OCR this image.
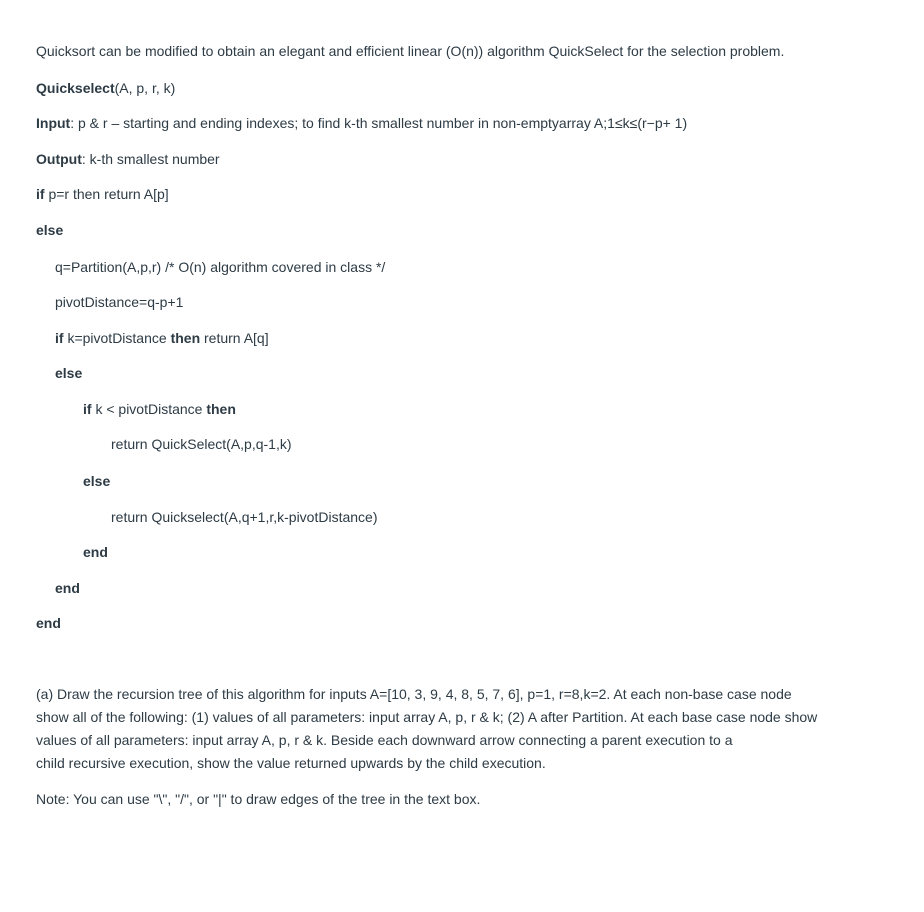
Quicksort can be modified to obtain an elegant and efficient linear (O(n)) algorithm QuickSelect for the selection problem.
Quickselect(A, p, r, k)
Input: p & r – starting and ending indexes; to find k-th smallest number in non-emptyarray A;1≤k≤(r−p+ 1)
Output: k-th smallest number
if p=r then return A[p]
else
q=Partition(A,p,r) /* O(n) algorithm covered in class */
pivotDistance=q-p+1
if k=pivotDistance then return A[q]
else
if k < pivotDistance then
return QuickSelect(A,p,q-1,k)
else
return Quickselect(A,q+1,r,k-pivotDistance)
end
end
end
(a) Draw the recursion tree of this algorithm for inputs A=[10, 3, 9, 4, 8, 5, 7, 6], p=1, r=8,k=2. At each non-base case node
show all of the following: (1) values of all parameters: input array A, p, r & k; (2) A after Partition. At each base case node show
values of all parameters: input array A, p, r & k. Beside each downward arrow connecting a parent execution to a
child recursive execution, show the value returned upwards by the child execution.
Note: You can use "\", "/", or "|" to draw edges of the tree in the text box.
